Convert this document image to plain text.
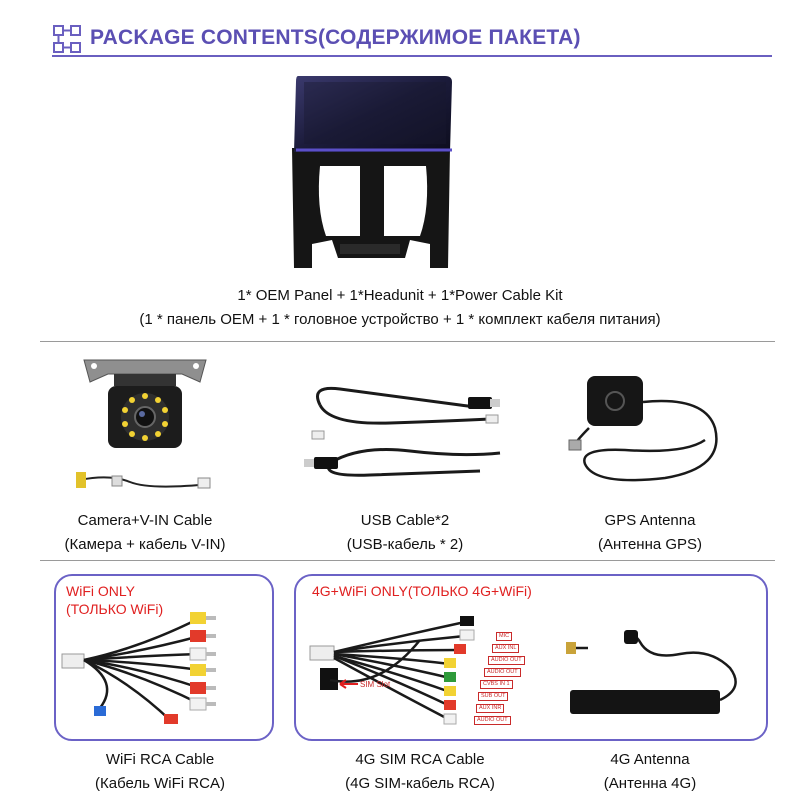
PACKAGE CONTENTS(СОДЕРЖИМОЕ ПАКЕТА)
1* OEM Panel + 1*Headunit + 1*Power Cable Kit
(1 * панель OEM + 1 * головное устройство + 1 * комплект кабеля питания)
Camera+V-IN Cable
(Камера + кабель V-IN)
USB Cable*2
(USB-кабель * 2)
GPS Antenna
(Антенна GPS)
WiFi ONLY
(ТОЛЬКО WiFi)
WiFi RCA Cable
(Кабель WiFi RCA)
4G+WiFi ONLY(ТОЛЬКО 4G+WiFi)
SIM Slot
MIC
AUX INL
AUDIO OUT
AUDIO OUT
CVBS IN 1
SUB OUT
AUX INR
AUDIO OUT
4G SIM RCA Cable
(4G SIM-кабель RCA)
4G Antenna
(Антенна 4G)
